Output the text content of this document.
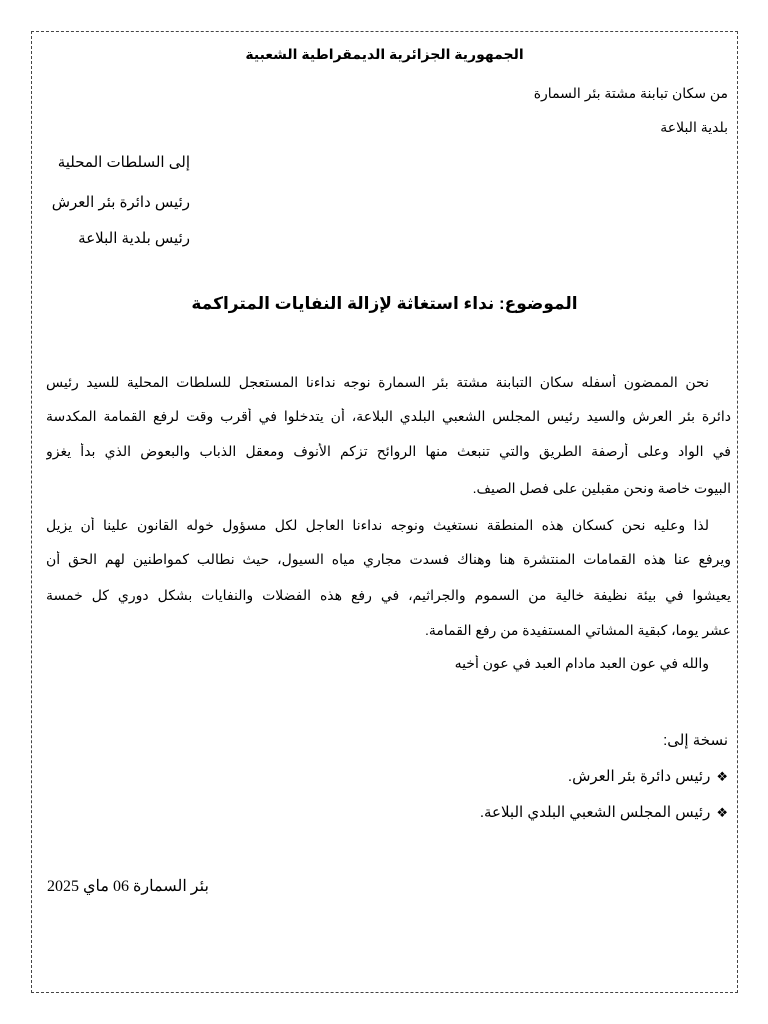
الجمهورية الجزائرية الديمقراطية الشعبية
من سكان تبابنة مشتة بئر السمارة
بلدية البلاعة
إلى السلطات المحلية
رئيس دائرة بئر العرش
رئيس بلدية البلاعة
الموضوع: نداء استغاثة لإزالة النفايات المتراكمة
نحن الممضون أسفله سكان التبابنة مشتة بئر السمارة نوجه نداءنا المستعجل للسلطات المحلية للسيد رئيس
دائرة بئر العرش والسيد رئيس المجلس الشعبي البلدي البلاعة، أن يتدخلوا في أقرب وقت لرفع القمامة المكدسة
في الواد وعلى أرصفة الطريق والتي تنبعث منها الروائح تزكم الأنوف ومعقل الذباب والبعوض الذي بدأ يغزو
البيوت خاصة ونحن مقبلين على فصل الصيف.
لذا وعليه نحن كسكان هذه المنطقة نستغيث ونوجه نداءنا العاجل لكل مسؤول خوله القانون علينا أن يزيل
ويرفع عنا هذه القمامات المنتشرة هنا وهناك فسدت مجاري مياه السيول، حيث نطالب كمواطنين لهم الحق أن
يعيشوا في بيئة نظيفة خالية من السموم والجراثيم، في رفع هذه الفضلات والنفايات بشكل دوري كل خمسة
عشر يوما، كبقية المشاتي المستفيدة من رفع القمامة.
والله في عون العبد مادام العبد في عون أخيه
نسخة إلى:
❖رئيس دائرة بئر العرش.
❖رئيس المجلس الشعبي البلدي البلاعة.
بئر السمارة 06 ماي 2025
